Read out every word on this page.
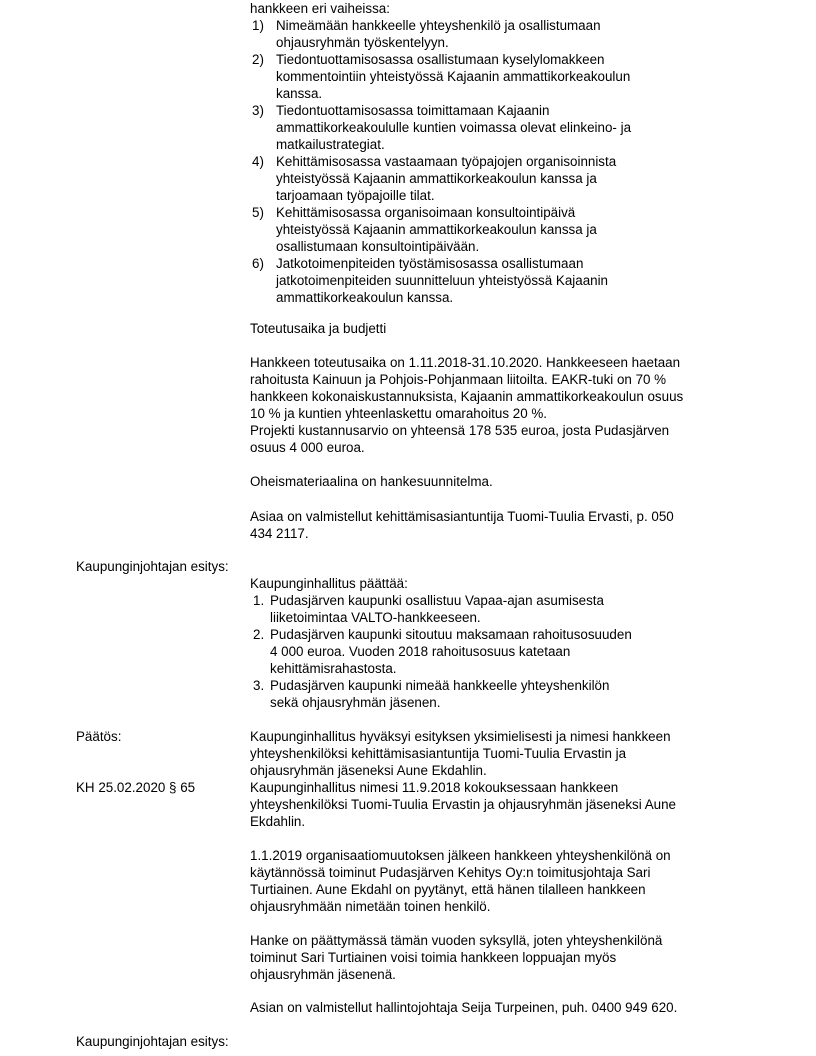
hankkeen eri vaiheissa:
1) Nimeämään hankkeelle yhteyshenkilö ja osallistumaan
ohjausryhmän työskentelyyn.
2) Tiedontuottamisosassa osallistumaan kyselylomakkeen
kommentointiin yhteistyössä Kajaanin ammattikorkeakoulun
kanssa.
3) Tiedontuottamisosassa toimittamaan Kajaanin
ammattikorkeakoululle kuntien voimassa olevat elinkeino- ja
matkailustrategiat.
4) Kehittämisosassa vastaamaan työpajojen organisoinnista
yhteistyössä Kajaanin ammattikorkeakoulun kanssa ja
tarjoamaan työpajoille tilat.
5) Kehittämisosassa organisoimaan konsultointipäivä
yhteistyössä Kajaanin ammattikorkeakoulun kanssa ja
osallistumaan konsultointipäivään.
6) Jatkotoimenpiteiden työstämisosassa osallistumaan
jatkotoimenpiteiden suunnitteluun yhteistyössä Kajaanin
ammattikorkeakoulun kanssa.
Toteutusaika ja budjetti
Hankkeen toteutusaika on 1.11.2018-31.10.2020. Hankkeeseen haetaan
rahoitusta Kainuun ja Pohjois-Pohjanmaan liitoilta. EAKR-tuki on 70 %
hankkeen kokonaiskustannuksista, Kajaanin ammattikorkeakoulun osuus
10 % ja kuntien yhteenlaskettu omarahoitus 20 %.
Projekti kustannusarvio on yhteensä 178 535 euroa, josta Pudasjärven
osuus 4 000 euroa.
Oheismateriaalina on hankesuunnitelma.
Asiaa on valmistellut kehittämisasiantuntija Tuomi-Tuulia Ervasti, p. 050
434 2117.
Kaupunginjohtajan esitys:
Kaupunginhallitus päättää:
1. Pudasjärven kaupunki osallistuu Vapaa-ajan asumisesta
liiketoimintaa VALTO-hankkeeseen.
2. Pudasjärven kaupunki sitoutuu maksamaan rahoitusosuuden
4 000 euroa. Vuoden 2018 rahoitusosuus katetaan
kehittämisrahastosta.
3. Pudasjärven kaupunki nimeää hankkeelle yhteyshenkilön
sekä ohjausryhmän jäsenen.
Päätös:	Kaupunginhallitus hyväksyi esityksen yksimielisesti ja nimesi hankkeen
yhteyshenkilöksi kehittämisasiantuntija Tuomi-Tuulia Ervastin ja
ohjausryhmän jäseneksi Aune Ekdahlin.
KH 25.02.2020 § 65	Kaupunginhallitus nimesi 11.9.2018 kokouksessaan hankkeen
yhteyshenkilöksi Tuomi-Tuulia Ervastin ja ohjausryhmän jäseneksi Aune
Ekdahlin.
1.1.2019 organisaatiomuutoksen jälkeen hankkeen yhteyshenkilönä on
käytännössä toiminut Pudasjärven Kehitys Oy:n toimitusjohtaja Sari
Turtiainen. Aune Ekdahl on pyytänyt, että hänen tilalleen hankkeen
ohjausryhmään nimetään toinen henkilö.
Hanke on päättymässä tämän vuoden syksyllä, joten yhteyshenkilönä
toiminut Sari Turtiainen voisi toimia hankkeen loppuajan myös
ohjausryhmän jäsenenä.
Asian on valmistellut hallintojohtaja Seija Turpeinen, puh. 0400 949 620.
Kaupunginjohtajan esitys:
